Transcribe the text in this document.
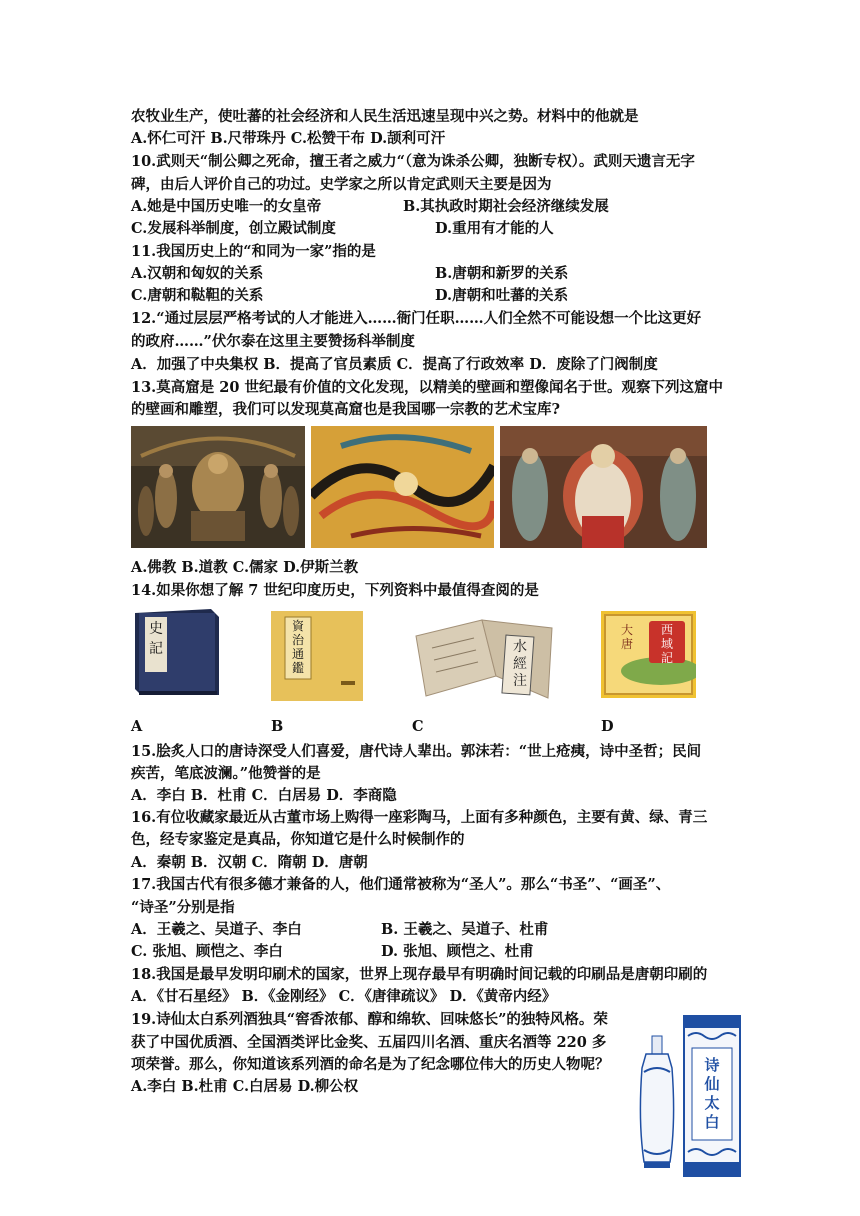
农牧业生产，使吐蕃的社会经济和人民生活迅速呈现中兴之势。材料中的他就是
A.怀仁可汗 B.尺带珠丹 C.松赞干布 D.颉利可汗
10.武则天“制公卿之死命，擅王者之威力“（意为诛杀公卿，独断专权）。武则天遗言无字
碑，由后人评价自己的功过。史学家之所以肯定武则天主要是因为
A.她是中国历史唯一的女皇帝	B.其执政时期社会经济继续发展
C.发展科举制度，创立殿试制度	D.重用有才能的人
11.我国历史上的“和同为一家”指的是
A.汉朝和匈奴的关系	B.唐朝和新罗的关系
C.唐朝和鞑靼的关系	D.唐朝和吐蕃的关系
12.“通过层层严格考试的人才能进入……衙门任职……人们全然不可能设想一个比这更好
的政府……”伏尔泰在这里主要赞扬科举制度
A．加强了中央集权 B．提高了官员素质 C．提高了行政效率 D．废除了门阀制度
13.莫高窟是 20 世纪最有价值的文化发现，以精美的壁画和塑像闻名于世。观察下列这窟中
的壁画和雕塑，我们可以发现莫高窟也是我国哪一宗教的艺术宝库?
A.佛教 B.道教 C.儒家 D.伊斯兰教
14.如果你想了解 7 世纪印度历史，下列资料中最值得查阅的是
史記
資治通鑑
水經注
大唐
西域記
A	B	C	D
15.脍炙人口的唐诗深受人们喜爱，唐代诗人辈出。郭沫若：“世上疮痍，诗中圣哲；民间
疾苦，笔底波澜。”他赞誉的是
A．李白 B．杜甫 C．白居易 D．李商隐
16.有位收藏家最近从古董市场上购得一座彩陶马，上面有多种颜色，主要有黄、绿、青三
色，经专家鉴定是真品，你知道它是什么时候制作的
A．秦朝 B．汉朝 C．隋朝 D．唐朝
17.我国古代有很多德才兼备的人，他们通常被称为“圣人”。那么“书圣”、“画圣”、
“诗圣”分别是指
A．王羲之、吴道子、李白	B. 王羲之、吴道子、杜甫
C. 张旭、顾恺之、李白	D. 张旭、顾恺之、杜甫
18.我国是最早发明印刷术的国家，世界上现存最早有明确时间记载的印刷品是唐朝印刷的
A．《甘石星经》 B．《金刚经》 C．《唐律疏议》 D．《黄帝内经》
19.诗仙太白系列酒独具“窖香浓郁、醇和绵软、回味悠长”的独特风格。荣
获了中国优质酒、全国酒类评比金奖、五届四川名酒、重庆名酒等 220 多
项荣誉。那么，你知道该系列酒的命名是为了纪念哪位伟大的历史人物呢？
A.李白 B.杜甫 C.白居易 D.柳公权
诗仙太白
